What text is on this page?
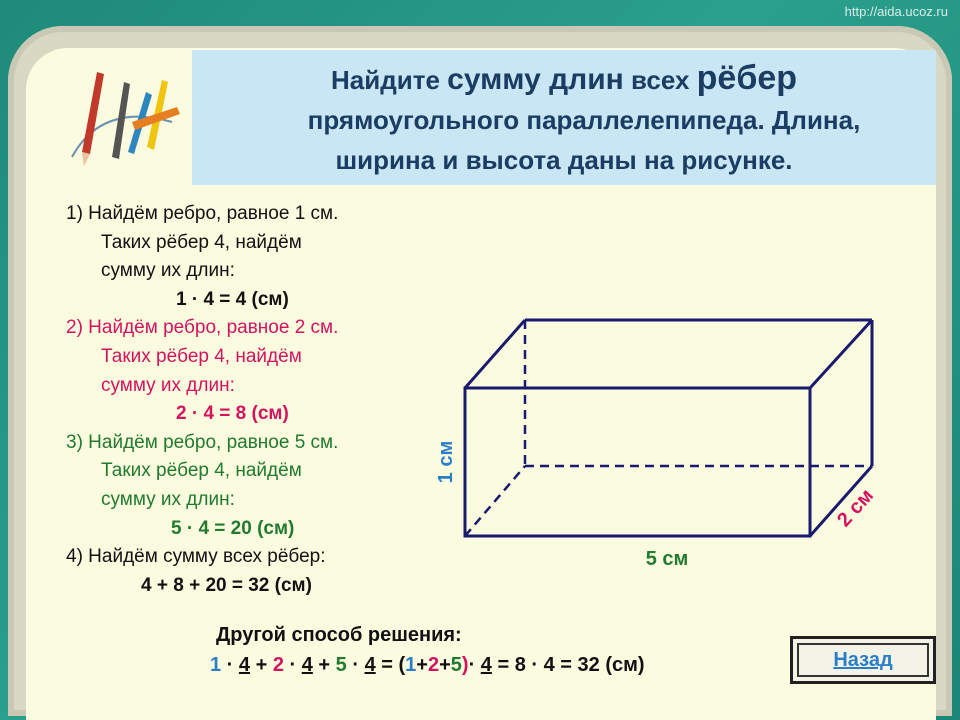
http://aida.ucoz.ru
Найдите сумму длин всех рёбер
прямоугольного параллелепипеда. Длина,
ширина и высота даны на рисунке.
1) Найдём ребро, равное 1 см.
Таких рёбер 4, найдём
сумму их длин:
1 · 4 = 4 (см)
2) Найдём ребро, равное 2 см.
Таких рёбер 4, найдём
сумму их длин:
2 · 4 = 8 (см)
3) Найдём ребро, равное 5 см.
Таких рёбер 4, найдём
сумму их длин:
5 · 4 = 20 (см)
4) Найдём сумму всех рёбер:
4 + 8 + 20 = 32 (см)
1 см
2 см
5 см
Другой способ решения:
1 · 4 + 2 · 4 + 5 · 4 = (1+2+5)· 4 = 8 · 4 = 32 (см)	Назад
